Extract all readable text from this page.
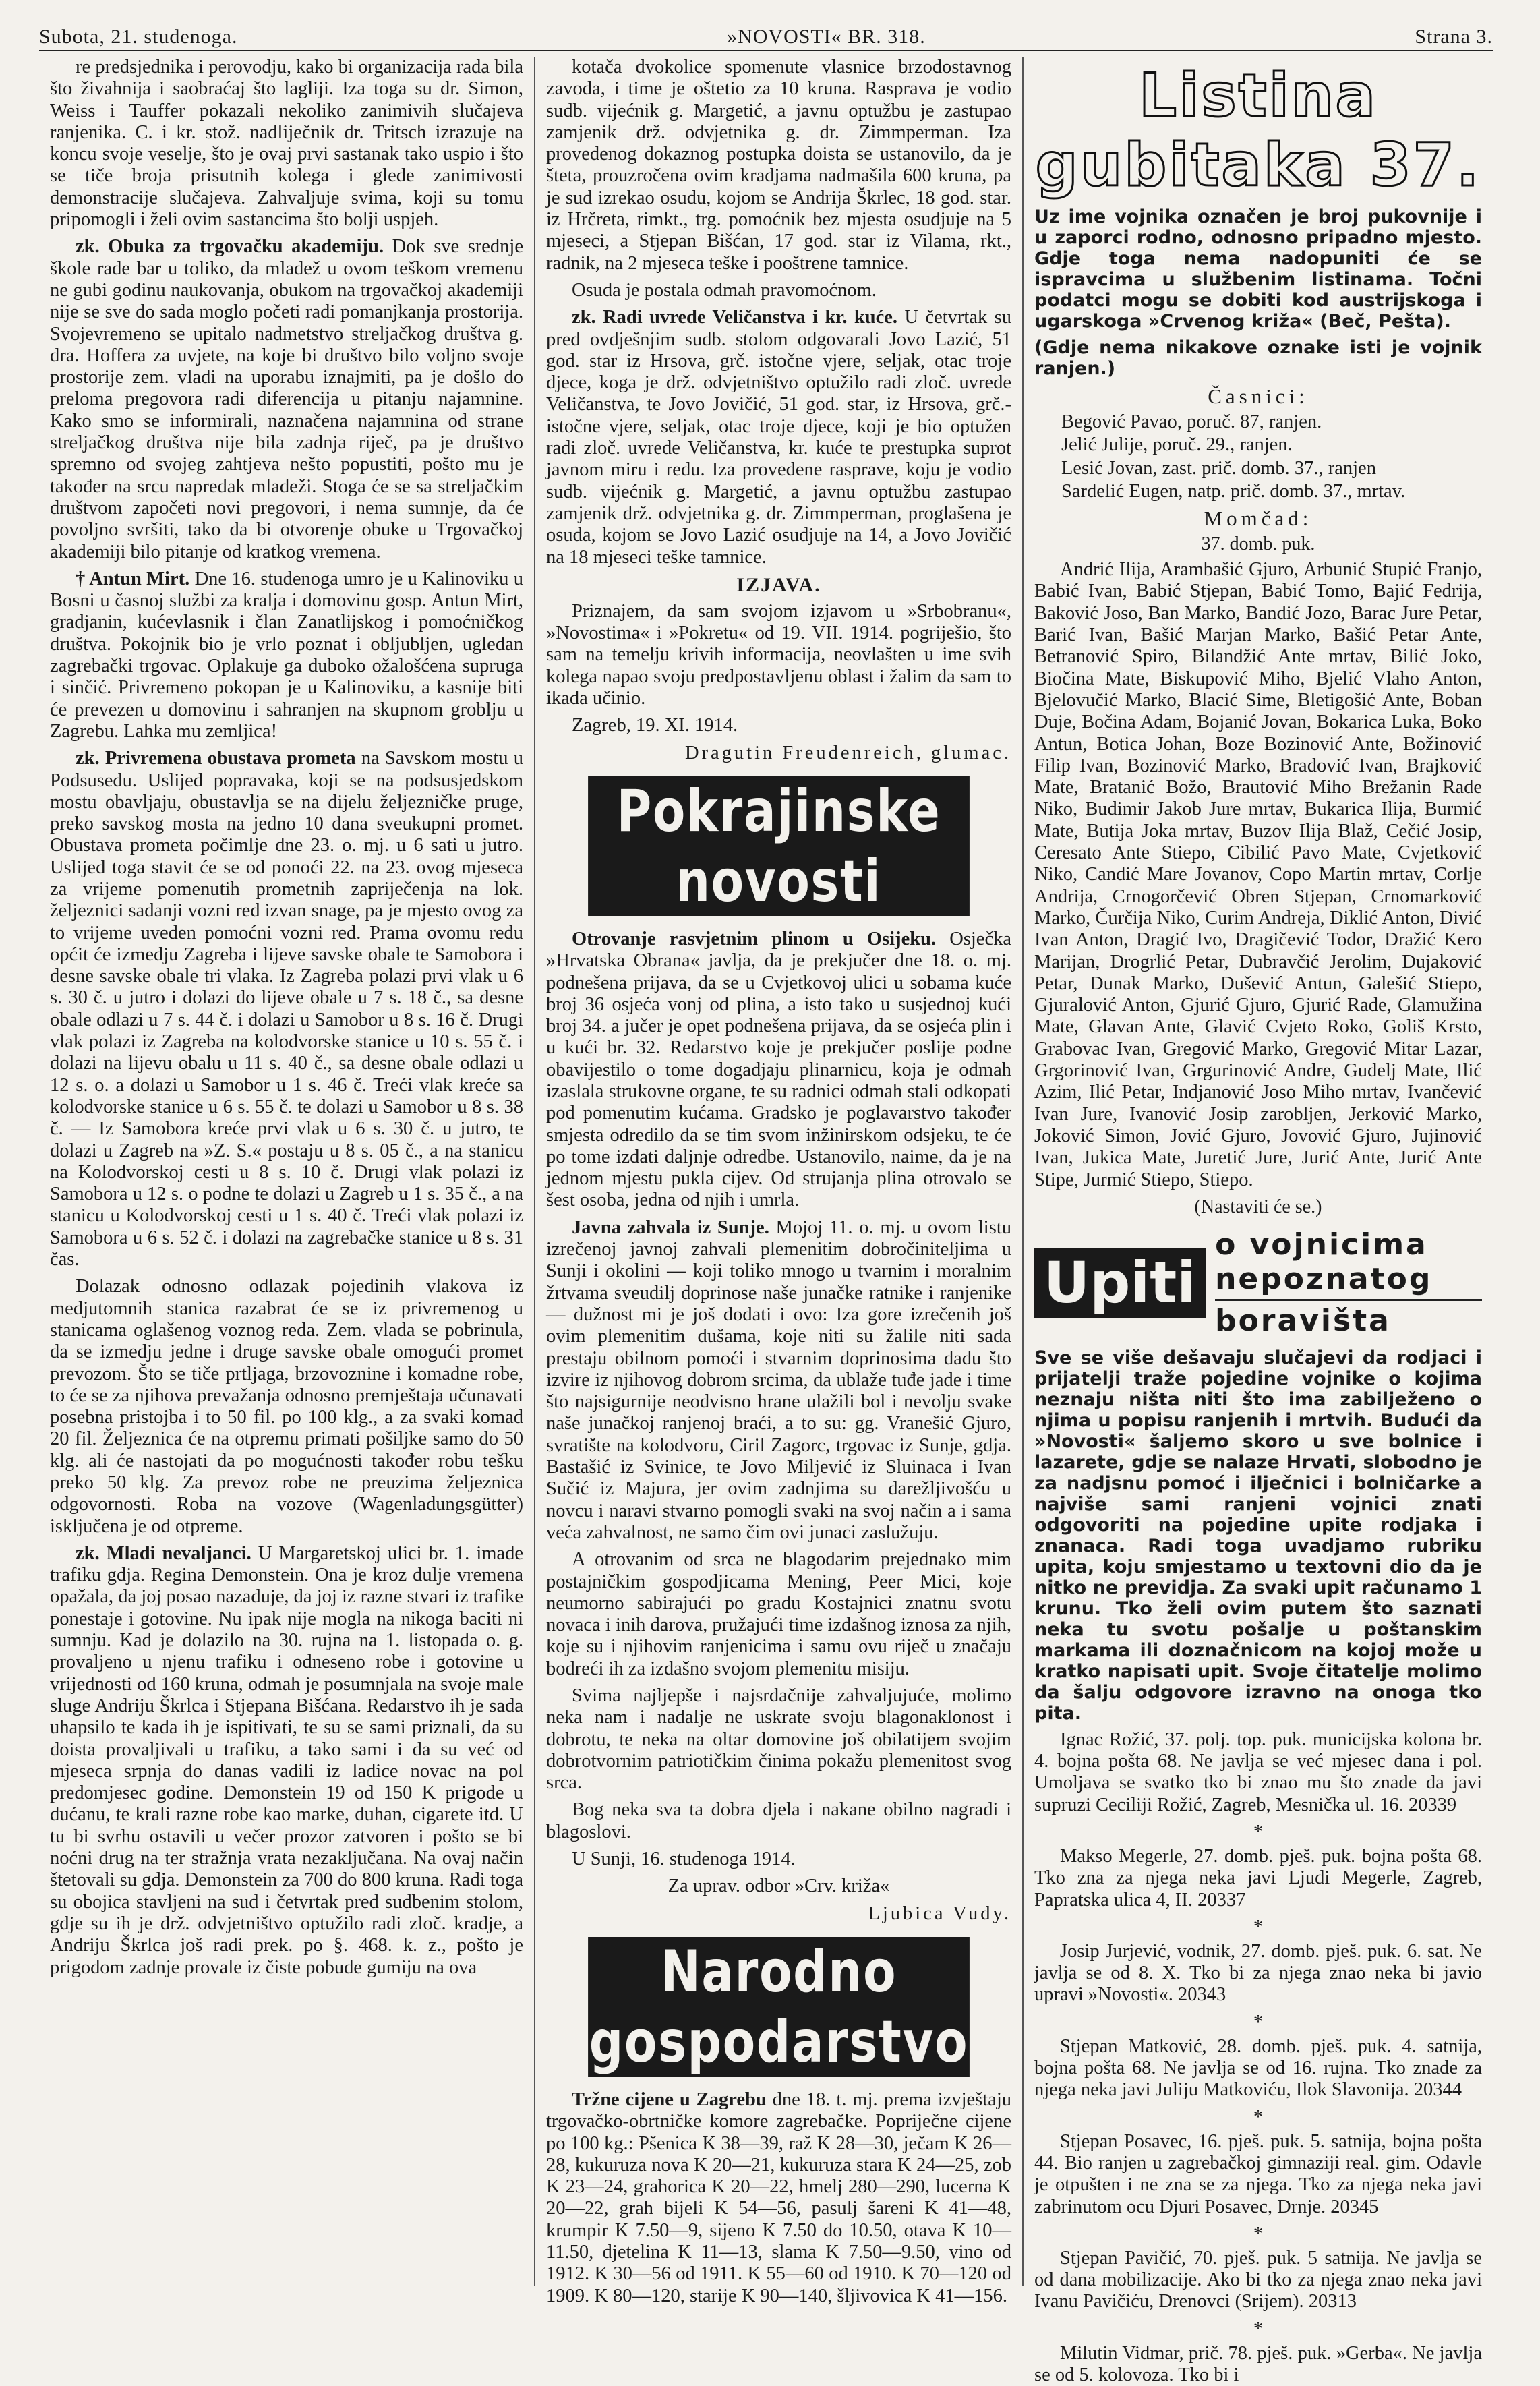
Subota, 21. studenoga.	»NOVOSTI« BR. 318.	Strana 3.

re predsjednika i perovodju, kako bi organizacija rada bila što živahnija i saobraćaj što lagliji. Iza toga su dr. Simon, Weiss i Tauffer pokazali nekoliko zanimivih slučajeva ranjenika. C. i kr. stož. nadliječnik dr. Tritsch izrazuje na koncu svoje veselje, što je ovaj prvi sastanak tako uspio i što se tiče broja prisutnih kolega i glede zanimivosti demonstracije slučajeva. Zahvaljuje svima, koji su tomu pripomogli i želi ovim sastancima što bolji uspjeh.

zk. Obuka za trgovačku akademiju. Dok sve srednje škole rade bar u toliko, da mladež u ovom teškom vremenu ne gubi godinu naukovanja, obukom na trgovačkoj akademiji nije se sve do sada moglo početi radi pomanjkanja prostorija. Svojevremeno se upitalo nadmetstvo streljačkog društva g. dra. Hoffera za uvjete, na koje bi društvo bilo voljno svoje prostorije zem. vladi na uporabu iznajmiti, pa je došlo do preloma pregovora radi diferencija u pitanju najamnine. Kako smo se informirali, naznačena najamnina od strane streljačkog društva nije bila zadnja riječ, pa je društvo spremno od svojeg zahtjeva nešto popustiti, pošto mu je također na srcu napredak mladeži. Stoga će se sa streljačkim društvom započeti novi pregovori, i nema sumnje, da će povoljno svršiti, tako da bi otvorenje obuke u Trgovačkoj akademiji bilo pitanje od kratkog vremena.

† Antun Mirt. Dne 16. studenoga umro je u Kalinoviku u Bosni u časnoj službi za kralja i domovinu gosp. Antun Mirt, gradjanin, kućevlasnik i član Zanatlijskog i pomoćničkog društva. Pokojnik bio je vrlo poznat i obljubljen, ugledan zagrebački trgovac. Oplakuje ga duboko ožalošćena supruga i sinčić. Privremeno pokopan je u Kalinoviku, a kasnije biti će prevezen u domovinu i sahranjen na skupnom groblju u Zagrebu. Lahka mu zemljica!

zk. Privremena obustava prometa na Savskom mostu u Podsusedu. Uslijed popravaka, koji se na podsusjedskom mostu obavljaju, obustavlja se na dijelu željezničke pruge, preko savskog mosta na jedno 10 dana sveukupni promet. Obustava prometa počimlje dne 23. o. mj. u 6 sati u jutro. Uslijed toga stavit će se od ponoći 22. na 23. ovog mjeseca za vrijeme pomenutih prometnih zapriječenja na lok. željeznici sadanji vozni red izvan snage, pa je mjesto ovog za to vrijeme uveden pomoćni vozni red. Prama ovomu redu općit će izmedju Zagreba i lijeve savske obale te Samobora i desne savske obale tri vlaka. Iz Zagreba polazi prvi vlak u 6 s. 30 č. u jutro i dolazi do lijeve obale u 7 s. 18 č., sa desne obale odlazi u 7 s. 44 č. i dolazi u Samobor u 8 s. 16 č. Drugi vlak polazi iz Zagreba na kolodvorske stanice u 10 s. 55 č. i dolazi na lijevu obalu u 11 s. 40 č., sa desne obale odlazi u 12 s. o. a dolazi u Samobor u 1 s. 46 č. Treći vlak kreće sa kolodvorske stanice u 6 s. 55 č. te dolazi u Samobor u 8 s. 38 č. — Iz Samobora kreće prvi vlak u 6 s. 30 č. u jutro, te dolazi u Zagreb na »Z. S.« postaju u 8 s. 05 č., a na stanicu na Kolodvorskoj cesti u 8 s. 10 č. Drugi vlak polazi iz Samobora u 12 s. o podne te dolazi u Zagreb u 1 s. 35 č., a na stanicu u Kolodvorskoj cesti u 1 s. 40 č. Treći vlak polazi iz Samobora u 6 s. 52 č. i dolazi na zagrebačke stanice u 8 s. 31 čas.

Dolazak odnosno odlazak pojedinih vlakova iz medjutomnih stanica razabrat će se iz privremenog u stanicama oglašenog voznog reda. Zem. vlada se pobrinula, da se izmedju jedne i druge savske obale omogući promet prevozom. Što se tiče prtljaga, brzovoznine i komadne robe, to će se za njihova prevažanja odnosno premještaja učunavati posebna pristojba i to 50 fil. po 100 klg., a za svaki komad 20 fil. Željeznica će na otpremu primati pošiljke samo do 50 klg. ali će nastojati da po mogućnosti također robu tešku preko 50 klg. Za prevoz robe ne preuzima željeznica odgovornosti. Roba na vozove (Wagenladungsgütter) isključena je od otpreme.

zk. Mladi nevaljanci. U Margaretskoj ulici br. 1. imade trafiku gdja. Regina Demonstein. Ona je kroz dulje vremena opažala, da joj posao nazaduje, da joj iz razne stvari iz trafike ponestaje i gotovine. Nu ipak nije mogla na nikoga baciti ni sumnju. Kad je dolazilo na 30. rujna na 1. listopada o. g. provaljeno u njenu trafiku i odneseno robe i gotovine u vrijednosti od 160 kruna, odmah je posumnjala na svoje male sluge Andriju Škrlca i Stjepana Bišćana. Redarstvo ih je sada uhapsilo te kada ih je ispitivati, te su se sami priznali, da su doista provaljivali u trafiku, a tako sami i da su već od mjeseca srpnja do danas vadili iz ladice novac na pol predomjesec godine. Demonstein 19 od 150 K prigode u dućanu, te krali razne robe kao marke, duhan, cigarete itd. U tu bi svrhu ostavili u večer prozor zatvoren i pošto se bi noćni drug na ter stražnja vrata nezaključana. Na ovaj način štetovali su gdja. Demonstein za 700 do 800 kruna. Radi toga su obojica stavljeni na sud i četvrtak pred sudbenim stolom, gdje su ih je drž. odvjetništvo optužilo radi zloč. kradje, a Andriju Škrlca još radi prek. po §. 468. k. z., pošto je prigodom zadnje provale iz čiste pobude gumiju na ova

kotača dvokolice spomenute vlasnice brzodostavnog zavoda, i time je oštetio za 10 kruna. Rasprava je vodio sudb. vijećnik g. Margetić, a javnu optužbu je zastupao zamjenik drž. odvjetnika g. dr. Zimmperman. Iza provedenog dokaznog postupka doista se ustanovilo, da je šteta, prouzročena ovim kradjama nadmašila 600 kruna, pa je sud izrekao osudu, kojom se Andrija Škrlec, 18 god. star. iz Hrčreta, rimkt., trg. pomoćnik bez mjesta osudjuje na 5 mjeseci, a Stjepan Bišćan, 17 god. star iz Vilama, rkt., radnik, na 2 mjeseca teške i pooštrene tamnice.

Osuda je postala odmah pravomoćnom.

zk. Radi uvrede Veličanstva i kr. kuće. U četvrtak su pred ovdješnjim sudb. stolom odgovarali Jovo Lazić, 51 god. star iz Hrsova, grč. istočne vjere, seljak, otac troje djece, koga je drž. odvjetništvo optužilo radi zloč. uvrede Veličanstva, te Jovo Jovičić, 51 god. star, iz Hrsova, grč.-istočne vjere, seljak, otac troje djece, koji je bio optužen radi zloč. uvrede Veličanstva, kr. kuće te prestupka suprot javnom miru i redu. Iza provedene rasprave, koju je vodio sudb. vijećnik g. Margetić, a javnu optužbu zastupao zamjenik drž. odvjetnika g. dr. Zimmperman, proglašena je osuda, kojom se Jovo Lazić osudjuje na 14, a Jovo Jovičić na 18 mjeseci teške tamnice.

IZJAVA.

Priznajem, da sam svojom izjavom u »Srbobranu«, »Novostima« i »Pokretu« od 19. VII. 1914. pogriješio, što sam na temelju krivih informacija, neovlašten u ime svih kolega napao svoju predpostavljenu oblast i žalim da sam to ikada učinio.

Zagreb, 19. XI. 1914.

Dragutin Freudenreich, glumac.

Pokrajinske novosti

Otrovanje rasvjetnim plinom u Osijeku. Osječka »Hrvatska Obrana« javlja, da je prekjučer dne 18. o. mj. podnešena prijava, da se u Cvjetkovoj ulici u sobama kuće broj 36 osjeća vonj od plina, a isto tako u susjednoj kući broj 34. a jučer je opet podnešena prijava, da se osjeća plin i u kući br. 32. Redarstvo koje je prekjučer poslije podne obavijestilo o tome dogadjaju plinarnicu, koja je odmah izaslala strukovne organe, te su radnici odmah stali odkopati pod pomenutim kućama. Gradsko je poglavarstvo također smjesta odredilo da se tim svom inžinirskom odsjeku, te će po tome izdati daljnje odredbe. Ustanovilo, naime, da je na jednom mjestu pukla cijev. Od strujanja plina otrovalo se šest osoba, jedna od njih i umrla.

Javna zahvala iz Sunje. Mojoj 11. o. mj. u ovom listu izrečenoj javnoj zahvali plemenitim dobročiniteljima u Sunji i okolini — koji toliko mnogo u tvarnim i moralnim žrtvama sveudilj doprinose naše junačke ratnike i ranjenike — dužnost mi je još dodati i ovo: Iza gore izrečenih još ovim plemenitim dušama, koje niti su žalile niti sada prestaju obilnom pomoći i stvarnim doprinosima dadu što izvire iz njihovog dobrom srcima, da ublaže tuđe jade i time što najsigurnije neodvisno hrane ulažili bol i nevolju svake naše junačkoj ranjenoj braći, a to su: gg. Vranešić Gjuro, svratište na kolodvoru, Ciril Zagorc, trgovac iz Sunje, gdja. Bastašić iz Svinice, te Jovo Miljević iz Sluinaca i Ivan Sučić iz Majura, jer ovim zadnjima su darežljivošću u novcu i naravi stvarno pomogli svaki na svoj način a i sama veća zahvalnost, ne samo čim ovi junaci zaslužuju.

A otrovanim od srca ne blagodarim prejednako mim postajničkim gospodjicama Mening, Peer Mici, koje neumorno sabirajući po gradu Kostajnici znatnu svotu novaca i inih darova, pružajući time izdašnog iznosa za njih, koje su i njihovim ranjenicima i samu ovu riječ u značaju bodreći ih za izdašno svojom plemenitu misiju.

Svima najljepše i najsrdačnije zahvaljujuće, molimo neka nam i nadalje ne uskrate svoju blagonaklonost i dobrotu, te neka na oltar domovine još obilatijem svojim dobrotvornim patriotičkim činima pokažu plemenitost svog srca.

Bog neka sva ta dobra djela i nakane obilno nagradi i blagoslovi.

U Sunji, 16. studenoga 1914.

Za uprav. odbor »Crv. križa«

Ljubica Vudy.

Narodno gospodarstvo

Tržne cijene u Zagrebu dne 18. t. mj. prema izvještaju trgovačko-obrtničke komore zagrebačke. Popriječne cijene po 100 kg.: Pšenica K 38—39, raž K 28—30, ječam K 26—28, kukuruza nova K 20—21, kukuruza stara K 24—25, zob K 23—24, grahorica K 20—22, hmelj 280—290, lucerna K 20—22, grah bijeli K 54—56, pasulj šareni K 41—48, krumpir K 7.50—9, sijeno K 7.50 do 10.50, otava K 10—11.50, djetelina K 11—13, slama K 7.50—9.50, vino od 1912. K 30—56 od 1911. K 55—60 od 1910. K 70—120 od 1909. K 80—120, starije K 90—140, šljivovica K 41—156.

Listina gubitaka 37.

Uz ime vojnika označen je broj pukovnije i u zaporci rodno, odnosno pripadno mjesto. Gdje toga nema nadopuniti će se ispravcima u službenim listinama. Točni podatci mogu se dobiti kod austrijskoga i ugarskoga »Crvenog križa« (Beč, Pešta).

(Gdje nema nikakove oznake isti je vojnik ranjen.)

Časnici:

Begović Pavao, poruč. 87, ranjen.

Jelić Julije, poruč. 29., ranjen.

Lesić Jovan, zast. prič. domb. 37., ranjen

Sardelić Eugen, natp. prič. domb. 37., mrtav.

Momčad:
37. domb. puk.

Andrić Ilija, Arambašić Gjuro, Arbunić Stupić Franjo, Babić Ivan, Babić Stjepan, Babić Tomo, Bajić Fedrija, Baković Joso, Ban Marko, Bandić Jozo, Barac Jure Petar, Barić Ivan, Bašić Marjan Marko, Bašić Petar Ante, Betranović Spiro, Bilandžić Ante mrtav, Bilić Joko, Biočina Mate, Biskupović Miho, Bjelić Vlaho Anton, Bjelovučić Marko, Blacić Sime, Bletigošić Ante, Boban Duje, Bočina Adam, Bojanić Jovan, Bokarica Luka, Boko Antun, Botica Johan, Boze Bozinović Ante, Božinović Filip Ivan, Bozinović Marko, Bradović Ivan, Brajković Mate, Bratanić Božo, Brautović Miho Brežanin Rade Niko, Budimir Jakob Jure mrtav, Bukarica Ilija, Burmić Mate, Butija Joka mrtav, Buzov Ilija Blaž, Cečić Josip, Ceresato Ante Stiepo, Cibilić Pavo Mate, Cvjetković Niko, Candić Mare Jovanov, Copo Martin mrtav, Corlje Andrija, Crnogorčević Obren Stjepan, Crnomarković Marko, Čurčija Niko, Curim Andreja, Diklić Anton, Divić Ivan Anton, Dragić Ivo, Dragičević Todor, Dražić Kero Marijan, Drogrlić Petar, Dubravčić Jerolim, Dujaković Petar, Dunak Marko, Dušević Antun, Galešić Stiepo, Gjuralović Anton, Gjurić Gjuro, Gjurić Rade, Glamužina Mate, Glavan Ante, Glavić Cvjeto Roko, Goliš Krsto, Grabovac Ivan, Gregović Marko, Gregović Mitar Lazar, Grgorinović Ivan, Grgurinović Andre, Gudelj Mate, Ilić Azim, Ilić Petar, Indjanović Joso Miho mrtav, Ivančević Ivan Jure, Ivanović Josip zarobljen, Jerković Marko, Joković Simon, Jović Gjuro, Jovović Gjuro, Jujinović Ivan, Jukica Mate, Juretić Jure, Jurić Ante, Jurić Ante Stipe, Jurmić Stiepo, Stiepo.

(Nastaviti će se.)
Upiti
o vojnicima nepoznatog
boravišta

Sve se više dešavaju slučajevi da rodjaci i prijatelji traže pojedine vojnike o kojima neznaju ništa niti što ima zabilježeno o njima u popisu ranjenih i mrtvih. Budući da »Novosti« šaljemo skoro u sve bolnice i lazarete, gdje se nalaze Hrvati, slobodno je za nadjsnu pomoć i ilječnici i bolničarke a najviše sami ranjeni vojnici znati odgovoriti na pojedine upite rodjaka i znanaca. Radi toga uvadjamo rubriku upita, koju smjestamo u textovni dio da je nitko ne previdja. Za svaki upit računamo 1 krunu. Tko želi ovim putem što saznati neka tu svotu pošalje u poštanskim markama ili doznačnicom na kojoj može u kratko napisati upit. Svoje čitatelje molimo da šalju odgovore izravno na onoga tko pita.

Ignac Rožić, 37. polj. top. puk. municijska kolona br. 4. bojna pošta 68. Ne javlja se već mjesec dana i pol. Umoljava se svatko tko bi znao mu što znade da javi supruzi Ceciliji Rožić, Zagreb, Mesnička ul. 16. 20339

*

Makso Megerle, 27. domb. pješ. puk. bojna pošta 68. Tko zna za njega neka javi Ljudi Megerle, Zagreb, Papratska ulica 4, II. 20337

*

Josip Jurjević, vodnik, 27. domb. pješ. puk. 6. sat. Ne javlja se od 8. X. Tko bi za njega znao neka bi javio upravi »Novosti«. 20343

*

Stjepan Matković, 28. domb. pješ. puk. 4. satnija, bojna pošta 68. Ne javlja se od 16. rujna. Tko znade za njega neka javi Juliju Matkoviću, Ilok Slavonija. 20344

*

Stjepan Posavec, 16. pješ. puk. 5. satnija, bojna pošta 44. Bio ranjen u zagrebačkoj gimnaziji real. gim. Odavle je otpušten i ne zna se za njega. Tko za njega neka javi zabrinutom ocu Djuri Posavec, Drnje. 20345

*

Stjepan Pavičić, 70. pješ. puk. 5 satnija. Ne javlja se od dana mobilizacije. Ako bi tko za njega znao neka javi Ivanu Pavičiću, Drenovci (Srijem). 20313

*

Milutin Vidmar, prič. 78. pješ. puk. »Gerba«. Ne javlja se od 5. kolovoza. Tko bi i
